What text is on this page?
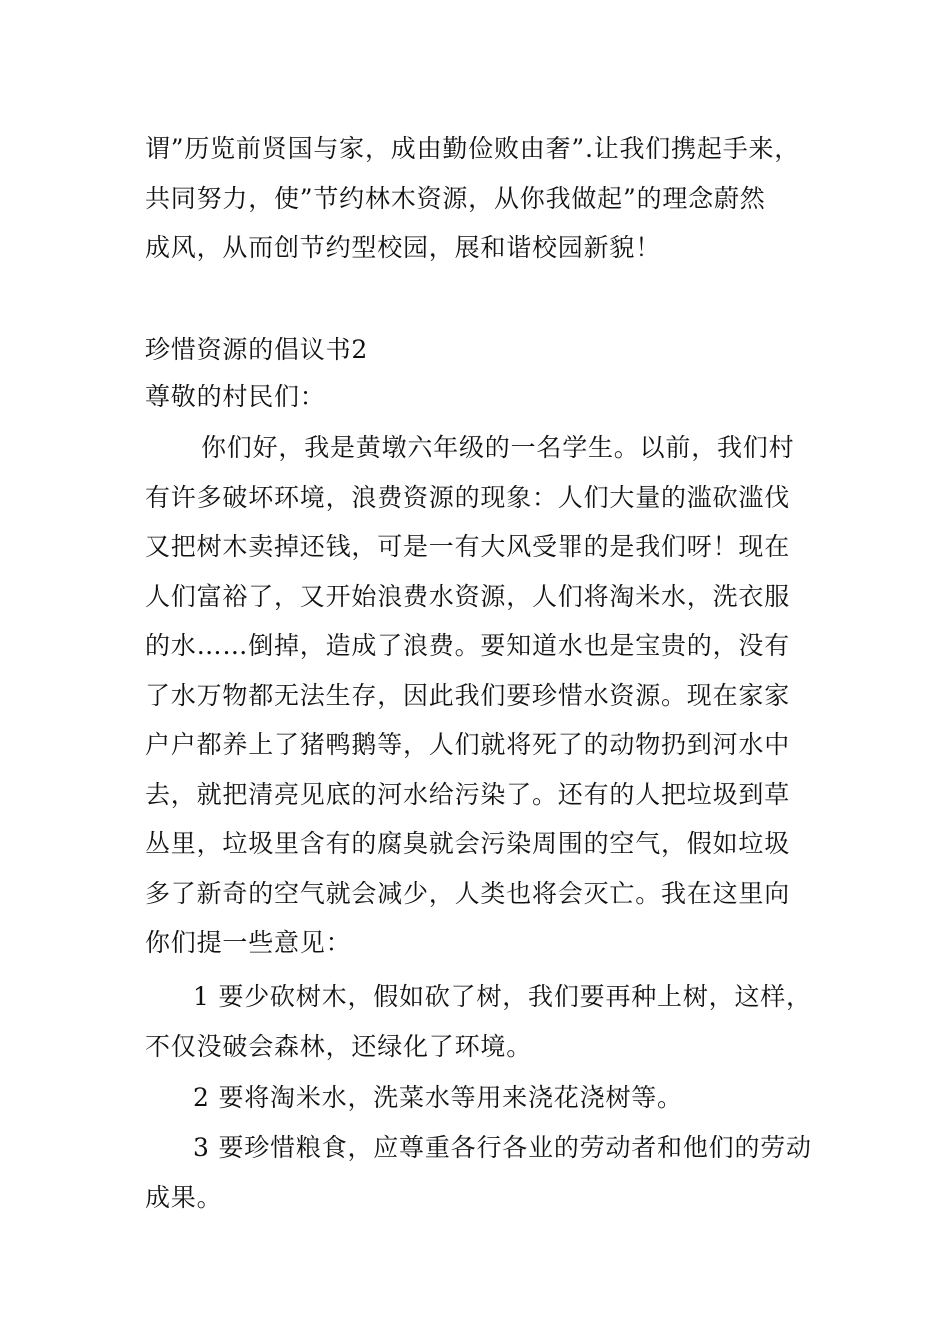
谓”历览前贤国与家，成由勤俭败由奢”.让我们携起手来，
共同努力，使”节约林木资源，从你我做起”的理念蔚然
成风，从而创节约型校园，展和谐校园新貌！
珍惜资源的倡议书2
尊敬的村民们：
你们好，我是黄墩六年级的一名学生。以前，我们村
有许多破坏环境，浪费资源的现象：人们大量的滥砍滥伐
又把树木卖掉还钱，可是一有大风受罪的是我们呀！现在
人们富裕了，又开始浪费水资源，人们将淘米水，洗衣服
的水……倒掉，造成了浪费。要知道水也是宝贵的，没有
了水万物都无法生存，因此我们要珍惜水资源。现在家家
户户都养上了猪鸭鹅等，人们就将死了的动物扔到河水中
去，就把清亮见底的河水给污染了。还有的人把垃圾到草
丛里，垃圾里含有的腐臭就会污染周围的空气，假如垃圾
多了新奇的空气就会减少，人类也将会灭亡。我在这里向
你们提一些意见：
1 要少砍树木，假如砍了树，我们要再种上树，这样，
不仅没破会森林，还绿化了环境。
2 要将淘米水，洗菜水等用来浇花浇树等。
3 要珍惜粮食，应尊重各行各业的劳动者和他们的劳动
成果。
